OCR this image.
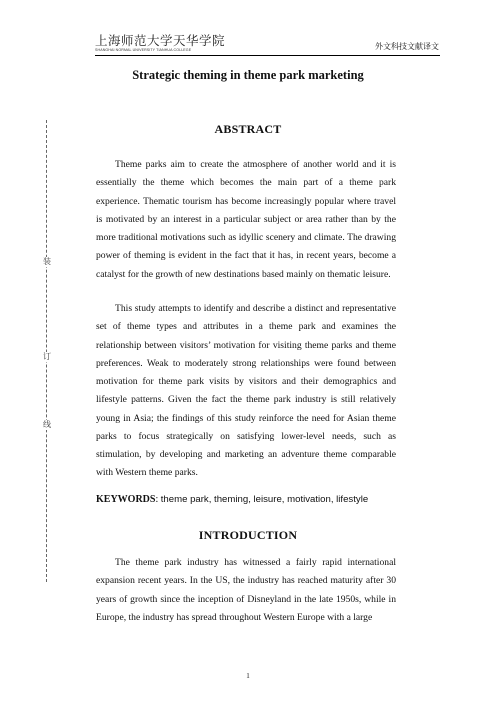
上海师范大学天华学院
SHANGHAI NORMAL UNIVERSITY TIANHUA COLLEGE	外文科技文献译文
装
订
线
Strategic theming in theme park marketing
ABSTRACT
Theme parks aim to create the atmosphere of another world and it is essentially the theme which becomes the main part of a theme park experience. Thematic tourism has become increasingly popular where travel is motivated by an interest in a particular subject or area rather than by the more traditional motivations such as idyllic scenery and climate. The drawing power of theming is evident in the fact that it has, in recent years, become a catalyst for the growth of new destinations based mainly on thematic leisure.
This study attempts to identify and describe a distinct and representative set of theme types and attributes in a theme park and examines the relationship between visitors’ motivation for visiting theme parks and theme preferences. Weak to moderately strong relationships were found between motivation for theme park visits by visitors and their demographics and lifestyle patterns. Given the fact the theme park industry is still relatively young in Asia; the findings of this study reinforce the need for Asian theme parks to focus strategically on satisfying lower-level needs, such as stimulation, by developing and marketing an adventure theme comparable with Western theme parks.
KEYWORDS: theme park, theming, leisure, motivation, lifestyle
INTRODUCTION
The theme park industry has witnessed a fairly rapid international expansion recent years. In the US, the industry has reached maturity after 30 years of growth since the inception of Disneyland in the late 1950s, while in Europe, the industry has spread throughout Western Europe with a large
1
